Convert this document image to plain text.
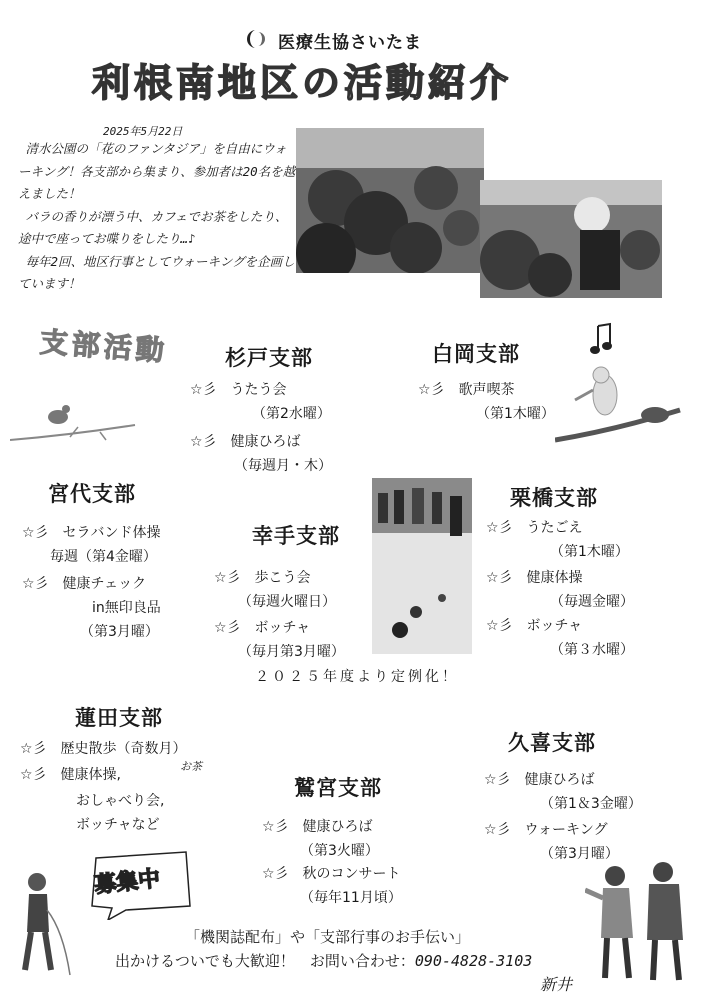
医療生協さいたま
利根南地区の活動紹介
2025年5月22日

清水公園の「花のファンタジア」を自由にウォーキング！各支部から集まり、参加者は20名を越えました！

バラの香りが漂う中、カフェでお茶をしたり、途中で座ってお喋りをしたり…♪

毎年2回、地区行事としてウォーキングを企画しています！

支部活動	杉戸支部
☆彡　うたう会
（第2水曜）
☆彡　健康ひろば
（毎週月・木）
白岡支部
☆彡　歌声喫茶
（第1木曜）
宮代支部
☆彡　セラバンド体操
毎週（第4金曜）
☆彡　健康チェック
in無印良品
（第3月曜）
幸手支部
☆彡　歩こう会
（毎週火曜日）
☆彡　ボッチャ
（毎月第3月曜）
２０２５年度より定例化！
栗橋支部
☆彡　うたごえ
（第1木曜）
☆彡　健康体操
（毎週金曜）
☆彡　ボッチャ
（第３水曜）
蓮田支部
☆彡　歴史散歩（奇数月）
☆彡　健康体操,
お茶
おしゃべり会,
ボッチャなど
鷲宮支部
☆彡　健康ひろば
（第3火曜）
☆彡　秋のコンサート
（毎年11月頃）
久喜支部
☆彡　健康ひろば
（第1＆3金曜）
☆彡　ウォーキング
（第3月曜）
募集中
「機関誌配布」や「支部行事のお手伝い」
出かけるついでも大歓迎！　お問い合わせ：090-4828-3103
新井
